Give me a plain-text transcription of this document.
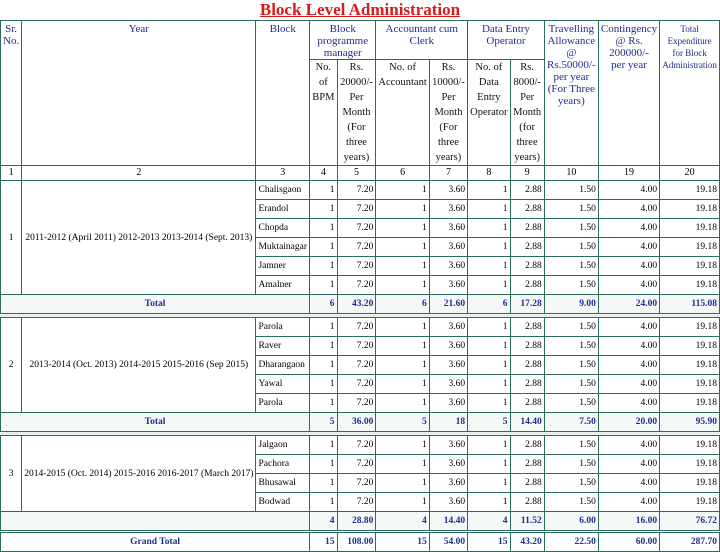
Block Level Administration
Sr. No.	Year	Block	Block programme manager		Accountant cum Clerk		Data Entry Operator		Travelling Allowance @ Rs.50000/- per year (For Three years)	Contingency @ Rs. 200000/- per year	Total Expenditure for Block Administration
			No. of BPM	Rs. 20000/- Per Month (For three years)	No. of Accountant	Rs. 10000/- Per Month (For three years)	No. of Data Entry Operator	Rs. 8000/- Per Month (for three years)			
1	2	3	4	5	6	7	8	9	10	19	20
1	2011-2012 (April 2011) 2012-2013 2013-2014 (Sept. 2013)	Chalisgaon	1	7.20	1	3.60	1	2.88	1.50	4.00	19.18
		Erandol	1	7.20	1	3.60	1	2.88	1.50	4.00	19.18
		Chopda	1	7.20	1	3.60	1	2.88	1.50	4.00	19.18
		Muktainagar	1	7.20	1	3.60	1	2.88	1.50	4.00	19.18
		Jamner	1	7.20	1	3.60	1	2.88	1.50	4.00	19.18
		Amalner	1	7.20	1	3.60	1	2.88	1.50	4.00	19.18
Total			6	43.20	6	21.60	6	17.28	9.00	24.00	115.08

2	2013-2014 (Oct. 2013) 2014-2015 2015-2016 (Sep 2015)	Parola	1	7.20	1	3.60	1	2.88	1.50	4.00	19.18
		Raver	1	7.20	1	3.60	1	2.88	1.50	4.00	19.18
		Dharangaon	1	7.20	1	3.60	1	2.88	1.50	4.00	19.18
		Yawal	1	7.20	1	3.60	1	2.88	1.50	4.00	19.18
		Parola	1	7.20	1	3.60	1	2.88	1.50	4.00	19.18
Total			5	36.00	5	18	5	14.40	7.50	20.00	95.90

3	2014-2015 (Oct. 2014) 2015-2016 2016-2017 (March 2017)	Jalgaon	1	7.20	1	3.60	1	2.88	1.50	4.00	19.18
		Pachora	1	7.20	1	3.60	1	2.88	1.50	4.00	19.18
		Bhusawal	1	7.20	1	3.60	1	2.88	1.50	4.00	19.18
		Bodwad	1	7.20	1	3.60	1	2.88	1.50	4.00	19.18
			4	28.80	4	14.40	4	11.52	6.00	16.00	76.72
Grand Total			15	108.00	15	54.00	15	43.20	22.50	60.00	287.70
